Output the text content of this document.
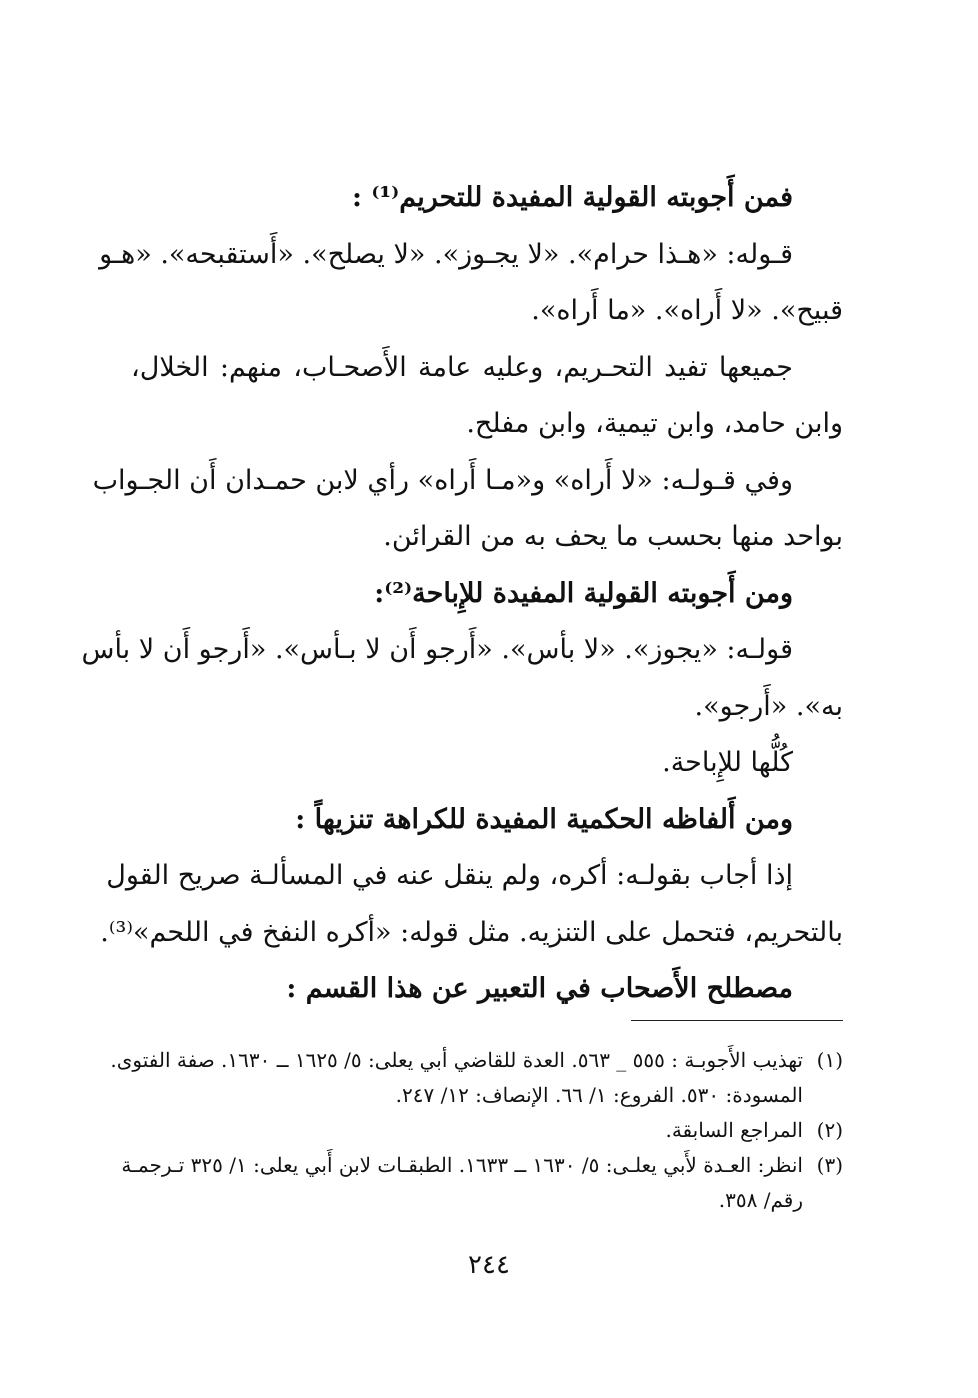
فمن أَجوبته القولية المفيدة للتحريم⁽¹⁾ :
قـوله: «هـذا حرام». «لا يجـوز». «لا يصلح». «أَستقبحه». «هـو
قبيح». «لا أَراه». «ما أَراه».
جميعها تفيد التحـريم، وعليه عامة الأَصحـاب، منهم: الخلال،
وابن حامد، وابن تيمية، وابن مفلح.
وفي قـولـه: «لا أَراه» و«مـا أَراه» رأي لابن حمـدان أَن الجـواب
بواحد منها بحسب ما يحف به من القرائن.
ومن أَجوبته القولية المفيدة للإِباحة⁽²⁾:
قولـه: «يجوز». «لا بأس». «أَرجو أَن لا بـأس». «أَرجو أَن لا بأس
به». «أَرجو».
كُلُّها للإِباحة.
ومن أَلفاظه الحكمية المفيدة للكراهة تنزيهاً :
إذا أجاب بقولـه: أكره، ولم ينقل عنه في المسألـة صريح القول
بالتحريم، فتحمل على التنزيه. مثل قوله: «أكره النفخ في اللحم»⁽³⁾.
مصطلح الأَصحاب في التعبير عن هذا القسم :
(١)تهذيب الأَجوبـة : ٥٥٥ _ ٥٦٣. العدة للقاضي أبي يعلى: ٥/ ١٦٢٥ ــ ١٦٣٠. صفة الفتوى.
المسودة: ٥٣٠. الفروع: ١/ ٦٦. الإنصاف: ١٢/ ٢٤٧.
(٢)المراجع السابقة.
(٣)انظر: العـدة لأَبي يعلـى: ٥/ ١٦٣٠ ــ ١٦٣٣. الطبقـات لابن أَبي يعلى: ١/ ٣٢٥ تـرجمـة
رقم/ ٣٥٨.
٢٤٤
